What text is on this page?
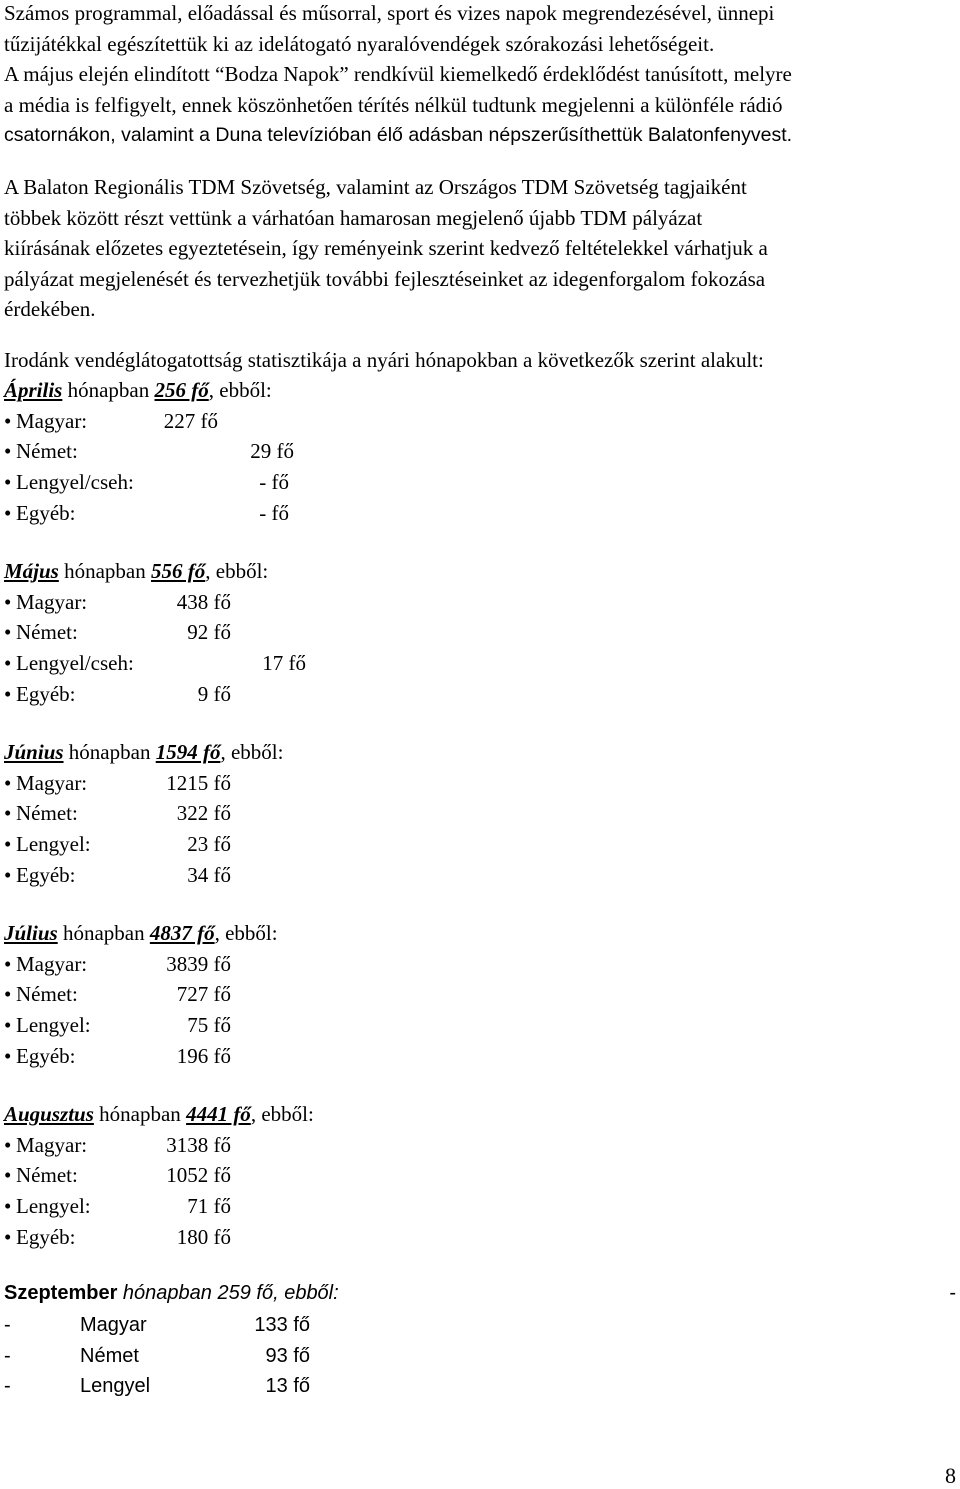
Számos programmal, előadással és műsorral, sport és vizes napok megrendezésével, ünnepi
tűzijátékkal egészítettük ki az idelátogató nyaralóvendégek szórakozási lehetőségeit.
A május elején elindított “Bodza Napok” rendkívül kiemelkedő érdeklődést tanúsított, melyre
a média is felfigyelt, ennek köszönhetően térítés nélkül tudtunk megjelenni a különféle rádió
csatornákon, valamint a Duna televízióban élő adásban népszerűsíthettük Balatonfenyvest.
A Balaton Regionális TDM Szövetség, valamint az Országos TDM Szövetség tagjaiként
többek között részt vettünk a várhatóan hamarosan megjelenő újabb TDM pályázat
kiírásának előzetes egyeztetésein, így reményeink szerint kedvező feltételekkel várhatjuk a
pályázat megjelenését és tervezhetjük további fejlesztéseinket az idegenforgalom fokozása
érdekében.
Irodánk vendéglátogatottság statisztikája a nyári hónapokban a következők szerint alakult:
Április hónapban 256 fő, ebből:
• Magyar:	227 fő
• Német:	29 fő
• Lengyel/cseh:	- fő
• Egyéb:	- fő
Május hónapban 556 fő, ebből:
• Magyar:	438 fő
• Német:	92 fő
• Lengyel/cseh:	17 fő
• Egyéb:	9 fő
Június hónapban 1594 fő, ebből:
• Magyar:	1215 fő
• Német:	322 fő
• Lengyel:	23 fő
• Egyéb:	34 fő
Július hónapban 4837 fő, ebből:
• Magyar:	3839 fő
• Német:	727 fő
• Lengyel:	75 fő
• Egyéb:	196 fő
Augusztus hónapban 4441 fő, ebből:
• Magyar:	3138 fő
• Német:	1052 fő
• Lengyel:	71 fő
• Egyéb:	180 fő
Szeptember hónapban 259 fő, ebből:	-
-	Magyar	133 fő
-	Német	93 fő
-	Lengyel	13 fő
8
